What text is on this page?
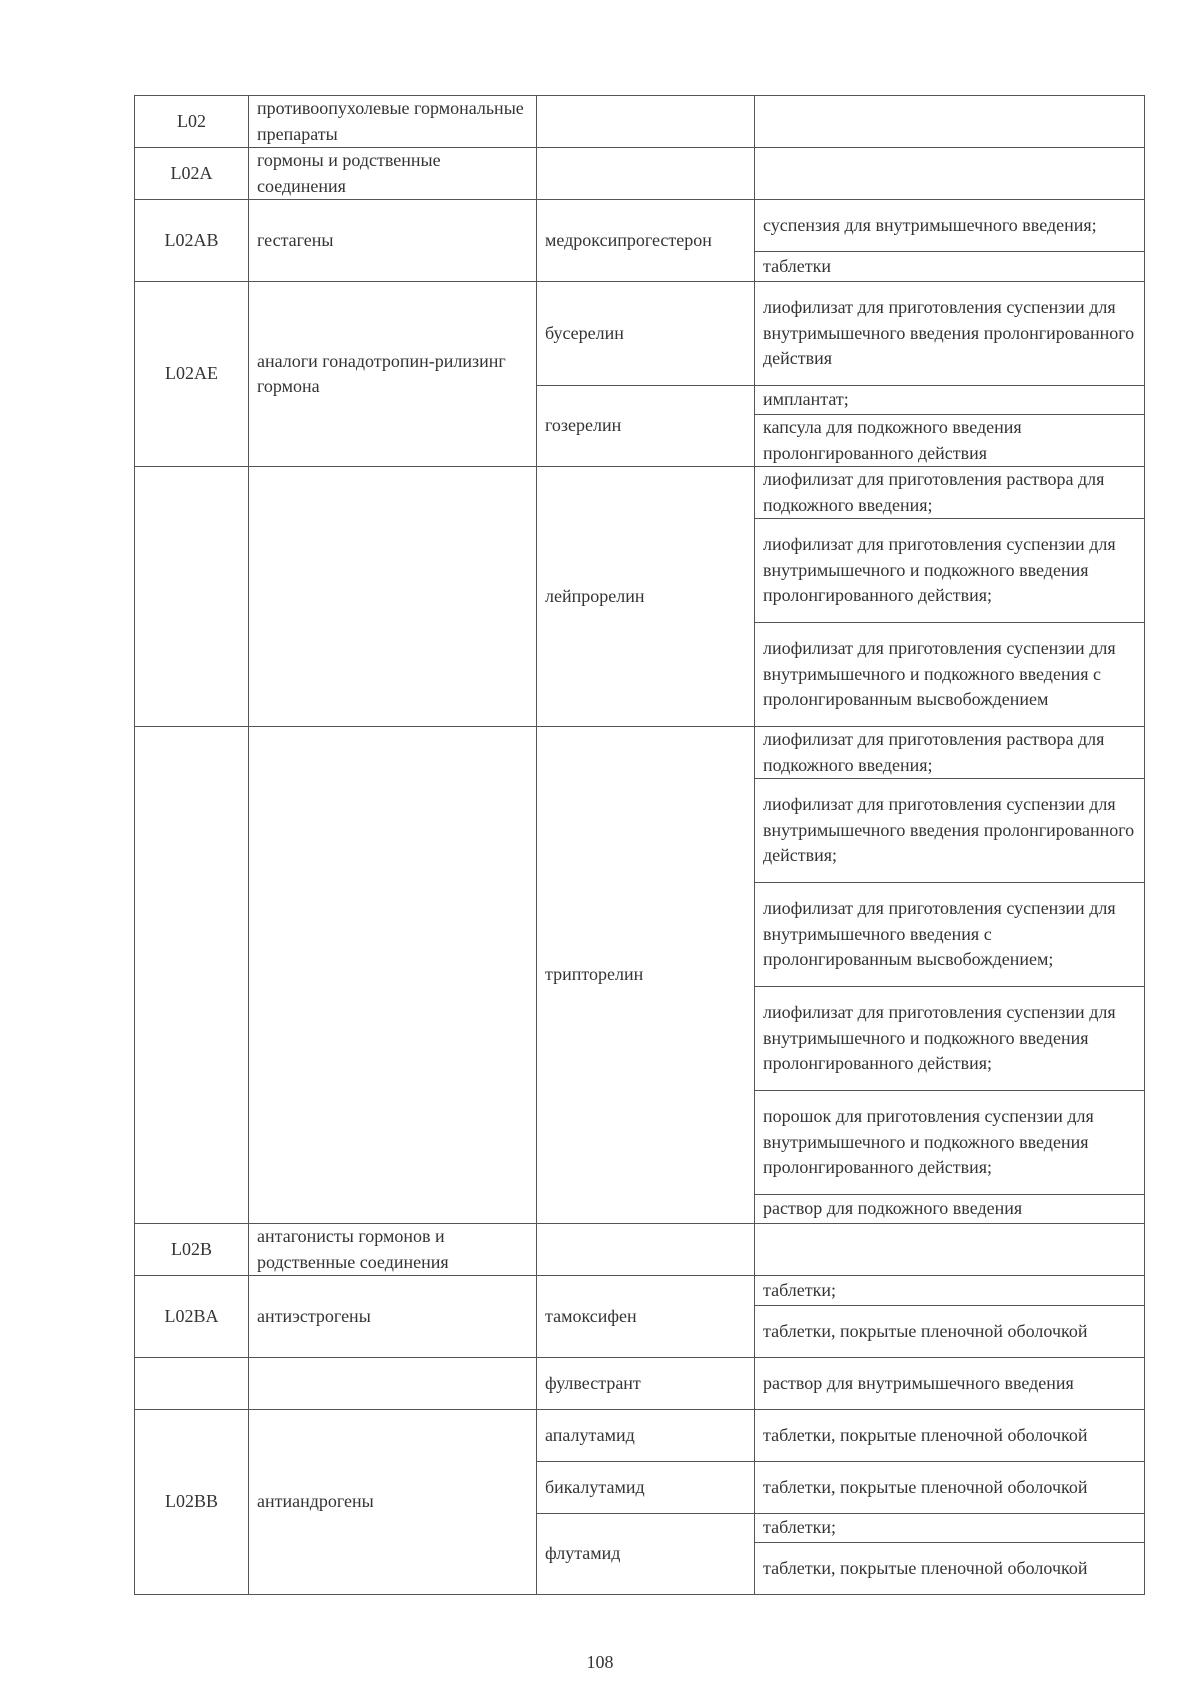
L02	противоопухолевые гормональные препараты		
L02A	гормоны и родственные соединения		
L02AB	гестагены	медроксипрогестерон	суспензия для внутримышечного введения;
			таблетки
L02AE	аналоги гонадотропин-рилизинг гормона	бусерелин	лиофилизат для приготовления суспензии для внутримышечного введения пролонгированного действия
		гозерелин	имплантат;
			капсула для подкожного введения пролонгированного действия
		лейпрорелин	лиофилизат для приготовления раствора для подкожного введения;
			лиофилизат для приготовления суспензии для внутримышечного и подкожного введения пролонгированного действия;
			лиофилизат для приготовления суспензии для внутримышечного и подкожного введения с пролонгированным высвобождением
		трипторелин	лиофилизат для приготовления раствора для подкожного введения;
			лиофилизат для приготовления суспензии для внутримышечного введения пролонгированного действия;
			лиофилизат для приготовления суспензии для внутримышечного введения с пролонгированным высвобождением;
			лиофилизат для приготовления суспензии для внутримышечного и подкожного введения пролонгированного действия;
			порошок для приготовления суспензии для внутримышечного и подкожного введения пролонгированного действия;
			раствор для подкожного введения
L02B	антагонисты гормонов и родственные соединения		
L02BA	антиэстрогены	тамоксифен	таблетки;
			таблетки, покрытые пленочной оболочкой
		фулвестрант	раствор для внутримышечного введения
L02BB	антиандрогены	апалутамид	таблетки, покрытые пленочной оболочкой
		бикалутамид	таблетки, покрытые пленочной оболочкой
		флутамид	таблетки;
			таблетки, покрытые пленочной оболочкой
108
